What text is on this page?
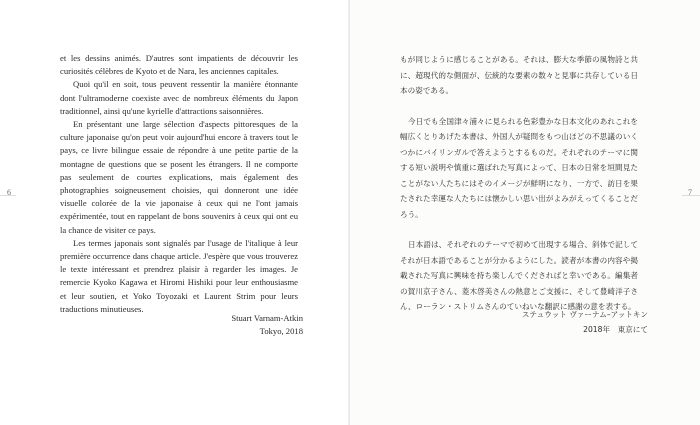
6

et les dessins animés. D'autres sont impatients de découvrir les curiosités célèbres de Kyoto et de Nara, les anciennes capitales.

Quoi qu'il en soit, tous peuvent ressentir la manière étonnante dont l'ultramoderne coexiste avec de nombreux éléments du Japon traditionnel, ainsi qu'une kyrielle d'attractions saisonnières.

En présentant une large sélection d'aspects pittoresques de la culture japonaise qu'on peut voir aujourd'hui encore à travers tout le pays, ce livre bilingue essaie de répondre à une petite partie de la montagne de questions que se posent les étrangers. Il ne comporte pas seulement de courtes explications, mais également des photographies soigneusement choisies, qui donneront une idée visuelle colorée de la vie japonaise à ceux qui ne l'ont jamais expérimentée, tout en rappelant de bons souvenirs à ceux qui ont eu la chance de visiter ce pays.

Les termes japonais sont signalés par l'usage de l'italique à leur première occurrence dans chaque article. J'espère que vous trouverez le texte intéressant et prendrez plaisir à regarder les images. Je remercie Kyoko Kagawa et Hiromi Hishiki pour leur enthousiasme et leur soutien, et Yoko Toyozaki et Laurent Strim pour leurs traductions minutieuses.

Stuart Varnam-Atkin
Tokyo, 2018
7

もが同じように感じることがある。それは、膨大な季節の風物詩と共に、超現代的な側面が、伝統的な要素の数々と見事に共存している日本の姿である。

今日でも全国津々浦々に見られる色彩豊かな日本文化のあれこれを幅広くとりあげた本書は、外国人が疑問をもつ山ほどの不思議のいくつかにバイリンガルで答えようとするものだ。それぞれのテーマに関する短い説明や慎重に選ばれた写真によって、日本の日常を垣間見たことがない人たちにはそのイメージが鮮明になり、一方で、訪日を果たされた幸運な人たちには懐かしい思い出がよみがえってくることだろう。

日本語は、それぞれのテーマで初めて出現する場合、斜体で記してそれが日本語であることが分かるようにした。読者が本書の内容や掲載された写真に興味を持ち楽しんでくださればと幸いである。編集者の賀川京子さん、菱木啓美さんの熱意とご支援に、そして豊崎洋子さん、ローラン・ストリムさんのていねいな翻訳に感謝の意を表する。

ステュウット ヴァーナム–アットキン
2018年　東京にて
